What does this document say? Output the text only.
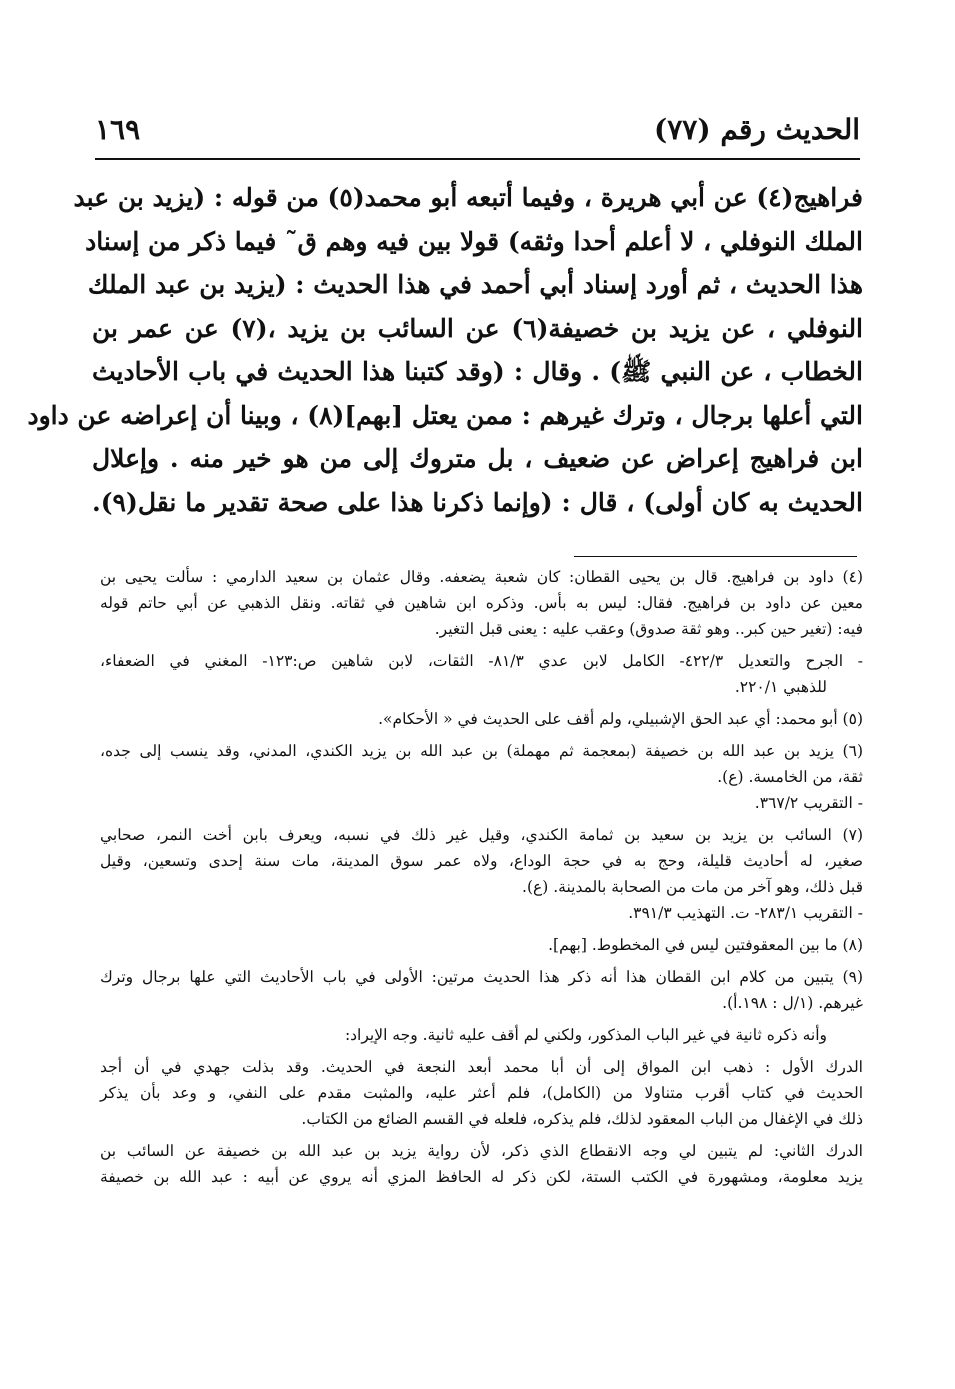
الحديث رقم (٧٧)
١٦٩
فراهيج(٤) عن أبي هريرة ، وفيما أتبعه أبو محمد(٥) من قوله : (يزيد بن عبد
الملك النوفلي ، لا أعلم أحدا وثقه) قولا بين فيه وهم ق˜ فيما ذكر من إسناد
هذا الحديث ، ثم أورد إسناد أبي أحمد في هذا الحديث : (يزيد بن عبد الملك
النوفلي ، عن يزيد بن خصيفة(٦) عن السائب بن يزيد ،(٧) عن عمر بن
الخطاب ، عن النبي ﷺ) . وقال : (وقد كتبنا هذا الحديث في باب الأحاديث
التي أعلها برجال ، وترك غيرهم : ممن يعتل [بهم](٨) ، وبينا أن إعراضه عن داود
ابن فراهيج إعراض عن ضعيف ، بل متروك إلى من هو خير منه . وإعلال
الحديث به كان أولى) ، قال : (وإنما ذكرنا هذا على صحة تقدير ما نقل(٩).
(٤) داود بن فراهيج. قال بن يحيى القطان: كان شعبة يضعفه. وقال عثمان بن سعيد الدارمي : سألت يحيى بن
معين عن داود بن فراهيج. فقال: ليس به بأس. وذكره ابن شاهين في ثقاته. ونقل الذهبي عن أبي حاتم قوله
فيه: (تغير حين كبر.. وهو ثقة صدوق) وعقب عليه : يعنى قبل التغير.
- الجرح والتعديل ٤٢٢/٣- الكامل لابن عدي ٨١/٣- الثقات، لابن شاهين ص:١٢٣- المغني في الضعفاء،
للذهبي ٢٢٠/١.
(٥) أبو محمد: أي عبد الحق الإشبيلي، ولم أقف على الحديث في « الأحكام».
(٦) يزيد بن عبد الله بن خصيفة (بمعجمة ثم مهملة) بن عبد الله بن يزيد الكندي، المدني، وقد ينسب إلى جده،
ثقة، من الخامسة. (ع).
- التقريب ٣٦٧/٢.
(٧) السائب بن يزيد بن سعيد بن ثمامة الكندي، وقيل غير ذلك في نسبه، ويعرف بابن أخت النمر، صحابي
صغير، له أحاديث قليلة، وحج به في حجة الوداع، ولاه عمر سوق المدينة، مات سنة إحدى وتسعين، وقيل
قبل ذلك، وهو آخر من مات من الصحابة بالمدينة. (ع).
- التقريب ٢٨٣/١- ت. التهذيب ٣٩١/٣.
(٨) ما بين المعقوفتين ليس في المخطوط. [بهم].
(٩) يتبين من كلام ابن القطان هذا أنه ذكر هذا الحديث مرتين: الأولى في باب الأحاديث التي علها برجال وترك
غيرهم. (١/ل : ١٩٨.أ).
وأنه ذكره ثانية في غير الباب المذكور، ولكني لم أقف عليه ثانية. وجه الإيراد:
الدرك الأول : ذهب ابن المواق إلى أن أبا محمد أبعد النجعة في الحديث. وقد بذلت جهدي في أن أجد
الحديث في كتاب أقرب متناولا من (الكامل)، فلم أعثر عليه، والمثبت مقدم على النفي، و وعد بأن يذكر
ذلك في الإغفال من الباب المعقود لذلك، فلم يذكره، فلعله في القسم الضائع من الكتاب.
الدرك الثاني: لم يتبين لي وجه الانقطاع الذي ذكر، لأن رواية يزيد بن عبد الله بن خصيفة عن السائب بن
يزيد معلومة، ومشهورة في الكتب الستة، لكن ذكر له الحافظ المزي أنه يروي عن أبيه : عبد الله بن خصيفة
